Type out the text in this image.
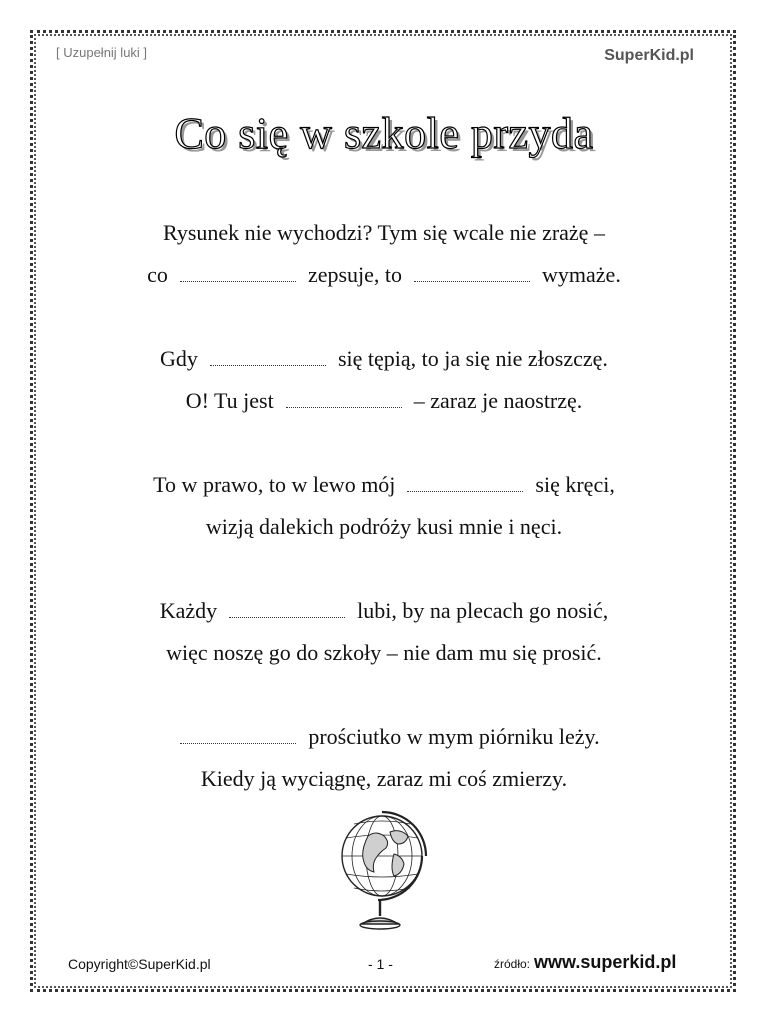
[ Uzupełnij luki ]	SuperKid.pl
Co się w szkole przyda
Rysunek nie wychodzi? Tym się wcale nie zrażę –
co	zepsuje, to	wymaże.
Gdy	się tępią, to ja się nie złoszczę.
O! Tu jest	– zaraz je naostrzę.
To w prawo, to w lewo mój	się kręci,
wizją dalekich podróży kusi mnie i nęci.
Każdy	lubi, by na plecach go nosić,
więc noszę go do szkoły – nie dam mu się prosić.
prościutko w mym piórniku leży.
Kiedy ją wyciągnę, zaraz mi coś zmierzy.
Copyright©SuperKid.pl	- 1 -	źródło: www.superkid.pl
